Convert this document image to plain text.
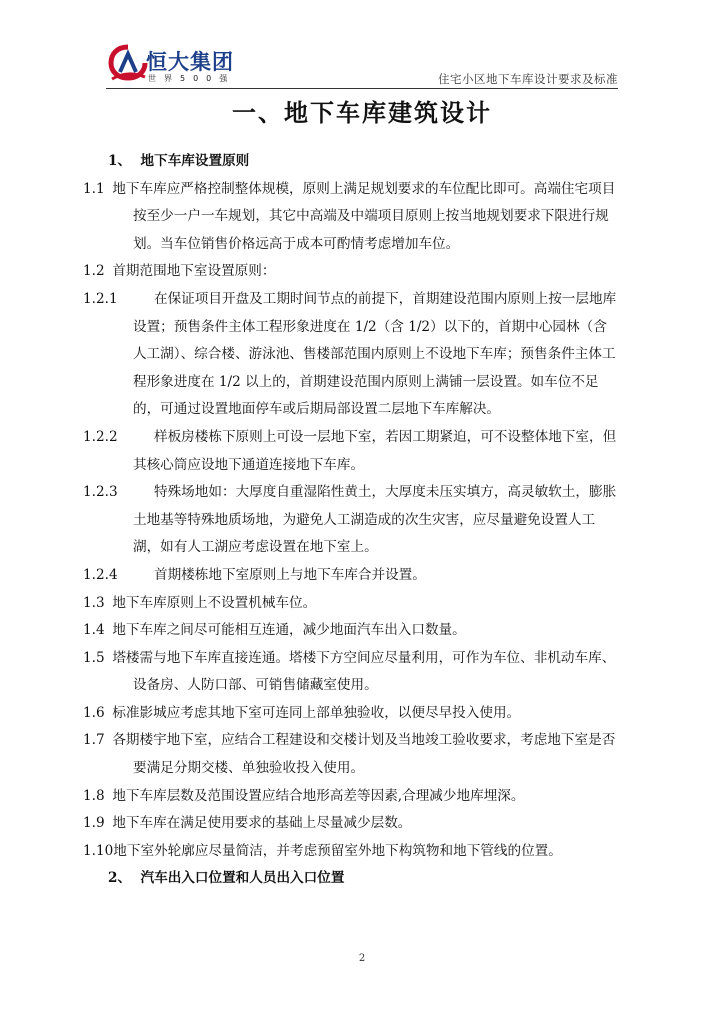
恒大集团
世界500强	住宅小区地下车库设计要求及标准
一、地下车库建筑设计

1、 地下车库设置原则

1.1 地下车库应严格控制整体规模，原则上满足规划要求的车位配比即可。高端住宅项目按至少一户一车规划，其它中高端及中端项目原则上按当地规划要求下限进行规划。当车位销售价格远高于成本可酌情考虑增加车位。

1.2 首期范围地下室设置原则：

1.2.1	在保证项目开盘及工期时间节点的前提下，首期建设范围内原则上按一层地库设置；预售条件主体工程形象进度在 1/2（含 1/2）以下的，首期中心园林（含人工湖）、综合楼、游泳池、售楼部范围内原则上不设地下车库；预售条件主体工程形象进度在 1/2 以上的，首期建设范围内原则上满铺一层设置。如车位不足的，可通过设置地面停车或后期局部设置二层地下车库解决。

1.2.2	样板房楼栋下原则上可设一层地下室，若因工期紧迫，可不设整体地下室，但其核心筒应设地下通道连接地下车库。

1.2.3	特殊场地如：大厚度自重湿陷性黄土，大厚度未压实填方，高灵敏软土，膨胀土地基等特殊地质场地，为避免人工湖造成的次生灾害，应尽量避免设置人工湖，如有人工湖应考虑设置在地下室上。

1.2.4	首期楼栋地下室原则上与地下车库合并设置。

1.3 地下车库原则上不设置机械车位。

1.4 地下车库之间尽可能相互连通，减少地面汽车出入口数量。

1.5 塔楼需与地下车库直接连通。塔楼下方空间应尽量利用，可作为车位、非机动车库、设备房、人防口部、可销售储藏室使用。

1.6 标准影城应考虑其地下室可连同上部单独验收，以便尽早投入使用。

1.7 各期楼宇地下室，应结合工程建设和交楼计划及当地竣工验收要求，考虑地下室是否要满足分期交楼、单独验收投入使用。

1.8 地下车库层数及范围设置应结合地形高差等因素,合理减少地库埋深。

1.9 地下车库在满足使用要求的基础上尽量减少层数。

1.10地下室外轮廓应尽量简洁，并考虑预留室外地下构筑物和地下管线的位置。

2、 汽车出入口位置和人员出入口位置

2
